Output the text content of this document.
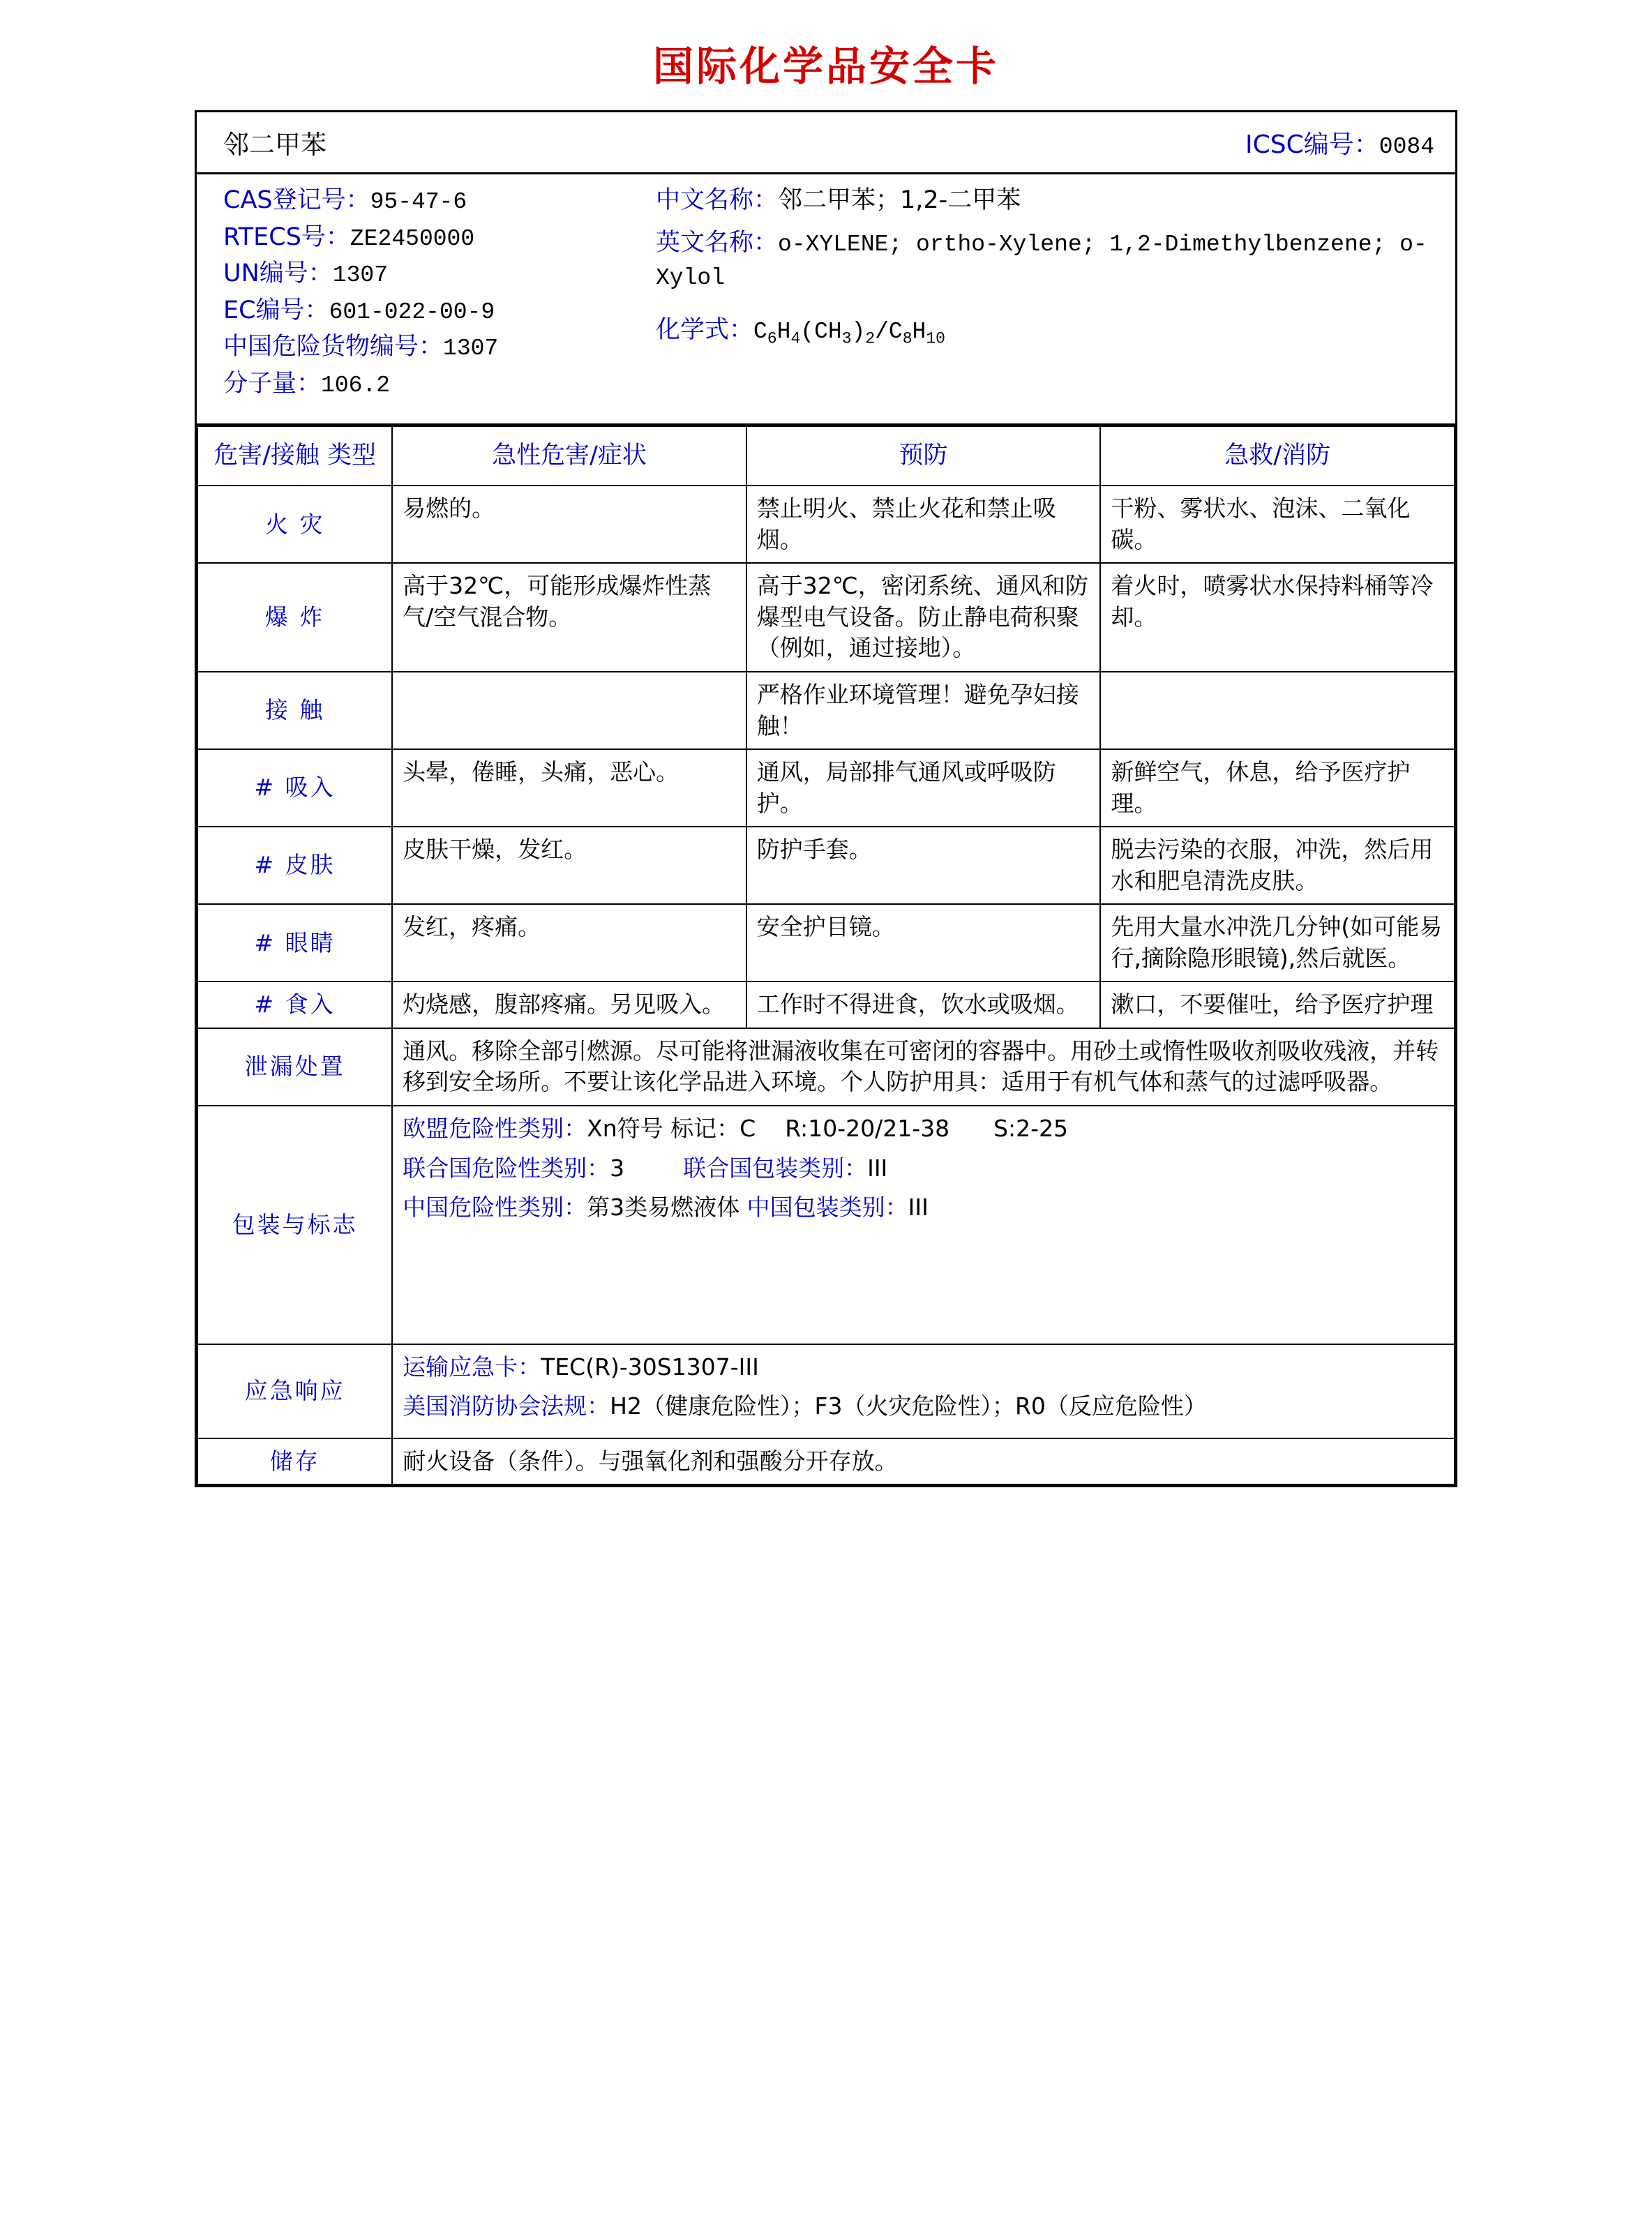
国际化学品安全卡
邻二甲苯	ICSC编号：0084
CAS登记号：95-47-6
RTECS号：ZE2450000
UN编号：1307
EC编号：601-022-00-9
中国危险货物编号：1307
分子量：106.2
中文名称：邻二甲苯；1,2-二甲苯
英文名称：o-XYLENE; ortho-Xylene; 1,2-Dimethylbenzene; o-Xylol
化学式：$C_6H_4(CH_3)_2/C_8H_{10}$
危害/接触 类型	急性危害/症状	预防	急救/消防
火 灾	易燃的。	禁止明火、禁止火花和禁止吸烟。	干粉、雾状水、泡沫、二氧化碳。
爆 炸	高于32℃，可能形成爆炸性蒸气/空气混合物。	高于32℃，密闭系统、通风和防爆型电气设备。防止静电荷积聚（例如，通过接地）。	着火时，喷雾状水保持料桶等冷却。
接 触		严格作业环境管理！避免孕妇接触！	
# 吸入	头晕，倦睡，头痛，恶心。	通风，局部排气通风或呼吸防护。	新鲜空气，休息，给予医疗护理。
# 皮肤	皮肤干燥，发红。	防护手套。	脱去污染的衣服，冲洗，然后用水和肥皂清洗皮肤。
# 眼睛	发红，疼痛。	安全护目镜。	先用大量水冲洗几分钟(如可能易行,摘除隐形眼镜),然后就医。
# 食入	灼烧感，腹部疼痛。另见吸入。	工作时不得进食，饮水或吸烟。	漱口，不要催吐，给予医疗护理
泄漏处置	通风。移除全部引燃源。尽可能将泄漏液收集在可密闭的容器中。用砂土或惰性吸收剂吸收残液，并转移到安全场所。不要让该化学品进入环境。个人防护用具：适用于有机气体和蒸气的过滤呼吸器。		
包装与标志	欧盟危险性类别：Xn符号 标记：C R:10-20/21-38 S:2-25
联合国危险性类别：3 联合国包装类别：III
中国危险性类别：第3类易燃液体 中国包装类别：III		

应急响应	运输应急卡：TEC(R)-30S1307-III
美国消防协会法规：H2（健康危险性）；F3（火灾危险性）；R0（反应危险性）		

储存	耐火设备（条件）。与强氧化剂和强酸分开存放。		
